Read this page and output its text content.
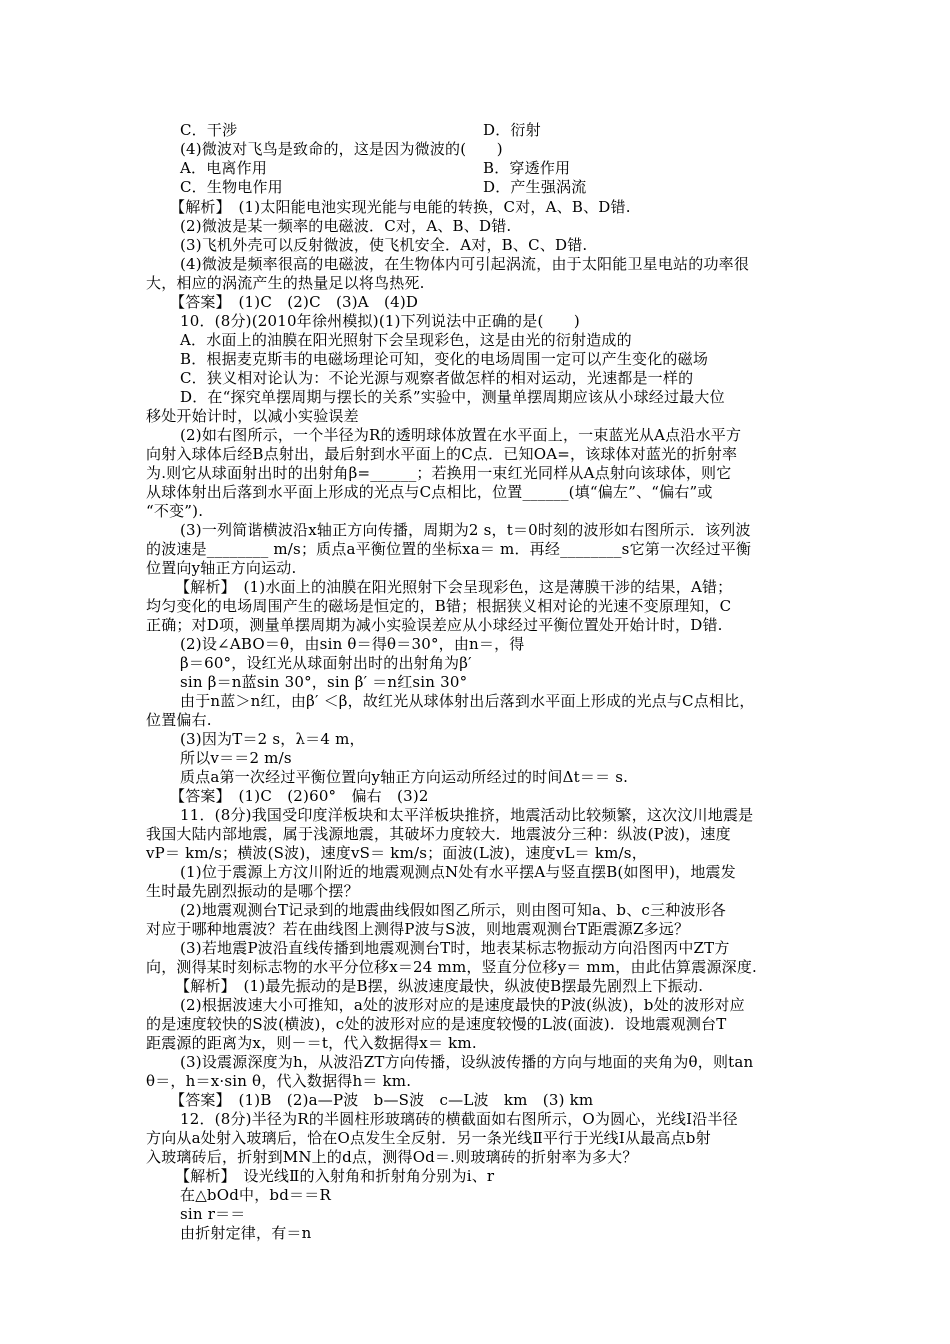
C．干涉	D．衍射
(4)微波对飞鸟是致命的，这是因为微波的(　　)
A．电离作用	B．穿透作用
C．生物电作用	D．产生强涡流
【解析】　(1)太阳能电池实现光能与电能的转换，C对，A、B、D错.
(2)微波是某一频率的电磁波．C对，A、B、D错.
(3)飞机外壳可以反射微波，使飞机安全．A对，B、C、D错.
(4)微波是频率很高的电磁波，在生物体内可引起涡流，由于太阳能卫星电站的功率很
大，相应的涡流产生的热量足以将鸟热死.
【答案】　(1)C　(2)C　(3)A　(4)D
10．(8分)(2010年徐州模拟)(1)下列说法中正确的是(　　)
A．水面上的油膜在阳光照射下会呈现彩色，这是由光的衍射造成的
B．根据麦克斯韦的电磁场理论可知，变化的电场周围一定可以产生变化的磁场
C．狭义相对论认为：不论光源与观察者做怎样的相对运动，光速都是一样的
D．在“探究单摆周期与摆长的关系”实验中，测量单摆周期应该从小球经过最大位
移处开始计时，以减小实验误差
(2)如右图所示，一个半径为R的透明球体放置在水平面上，一束蓝光从A点沿水平方
向射入球体后经B点射出，最后射到水平面上的C点．已知OA=，该球体对蓝光的折射率
为.则它从球面射出时的出射角β=______；若换用一束红光同样从A点射向该球体，则它
从球体射出后落到水平面上形成的光点与C点相比，位置______(填“偏左”、“偏右”或
“不变”).
(3)一列简谐横波沿x轴正方向传播，周期为2 s，t＝0时刻的波形如右图所示．该列波
的波速是________ m/s；质点a平衡位置的坐标xa＝ m．再经________s它第一次经过平衡
位置向y轴正方向运动.
【解析】　(1)水面上的油膜在阳光照射下会呈现彩色，这是薄膜干涉的结果，A错；
均匀变化的电场周围产生的磁场是恒定的，B错；根据狭义相对论的光速不变原理知，C
正确；对D项，测量单摆周期为减小实验误差应从小球经过平衡位置处开始计时，D错.
(2)设∠ABO＝θ，由sin θ＝得θ＝30°，由n＝，得
β＝60°，设红光从球面射出时的出射角为β′
sin β＝n蓝sin 30°，sin β′ ＝n红sin 30°
由于n蓝＞n红，由β′ ＜β，故红光从球体射出后落到水平面上形成的光点与C点相比，
位置偏右.
(3)因为T＝2 s，λ＝4 m，
所以v＝＝2 m/s
质点a第一次经过平衡位置向y轴正方向运动所经过的时间Δt＝＝ s.
【答案】　(1)C　(2)60°　偏右　(3)2
11．(8分)我国受印度洋板块和太平洋板块推挤，地震活动比较频繁，这次汶川地震是
我国大陆内部地震，属于浅源地震，其破坏力度较大．地震波分三种：纵波(P波)，速度
vP＝ km/s；横波(S波)，速度vS＝ km/s；面波(L波)，速度vL＝ km/s，
(1)位于震源上方汶川附近的地震观测点N处有水平摆A与竖直摆B(如图甲)，地震发
生时最先剧烈振动的是哪个摆？
(2)地震观测台T记录到的地震曲线假如图乙所示，则由图可知a、b、c三种波形各
对应于哪种地震波？若在曲线图上测得P波与S波，则地震观测台T距震源Z多远？
(3)若地震P波沿直线传播到地震观测台T时，地表某标志物振动方向沿图丙中ZT方
向，测得某时刻标志物的水平分位移x＝24 mm，竖直分位移y＝ mm，由此估算震源深度.
【解析】　(1)最先振动的是B摆，纵波速度最快，纵波使B摆最先剧烈上下振动.
(2)根据波速大小可推知，a处的波形对应的是速度最快的P波(纵波)，b处的波形对应
的是速度较快的S波(横波)，c处的波形对应的是速度较慢的L波(面波)．设地震观测台T
距震源的距离为x，则－＝t，代入数据得x＝ km.
(3)设震源深度为h，从波沿ZT方向传播，设纵波传播的方向与地面的夹角为θ，则tan
θ＝，h＝x·sin θ，代入数据得h＝ km.
【答案】　(1)B　(2)a—P波　b—S波　c—L波　km　(3) km
12．(8分)半径为R的半圆柱形玻璃砖的横截面如右图所示，O为圆心，光线Ⅰ沿半径
方向从a处射入玻璃后，恰在O点发生全反射．另一条光线Ⅱ平行于光线Ⅰ从最高点b射
入玻璃砖后，折射到MN上的d点，测得Od＝.则玻璃砖的折射率为多大？
【解析】　设光线Ⅱ的入射角和折射角分别为i、r
在△bOd中，bd＝＝R
sin r＝＝
由折射定律，有＝n
